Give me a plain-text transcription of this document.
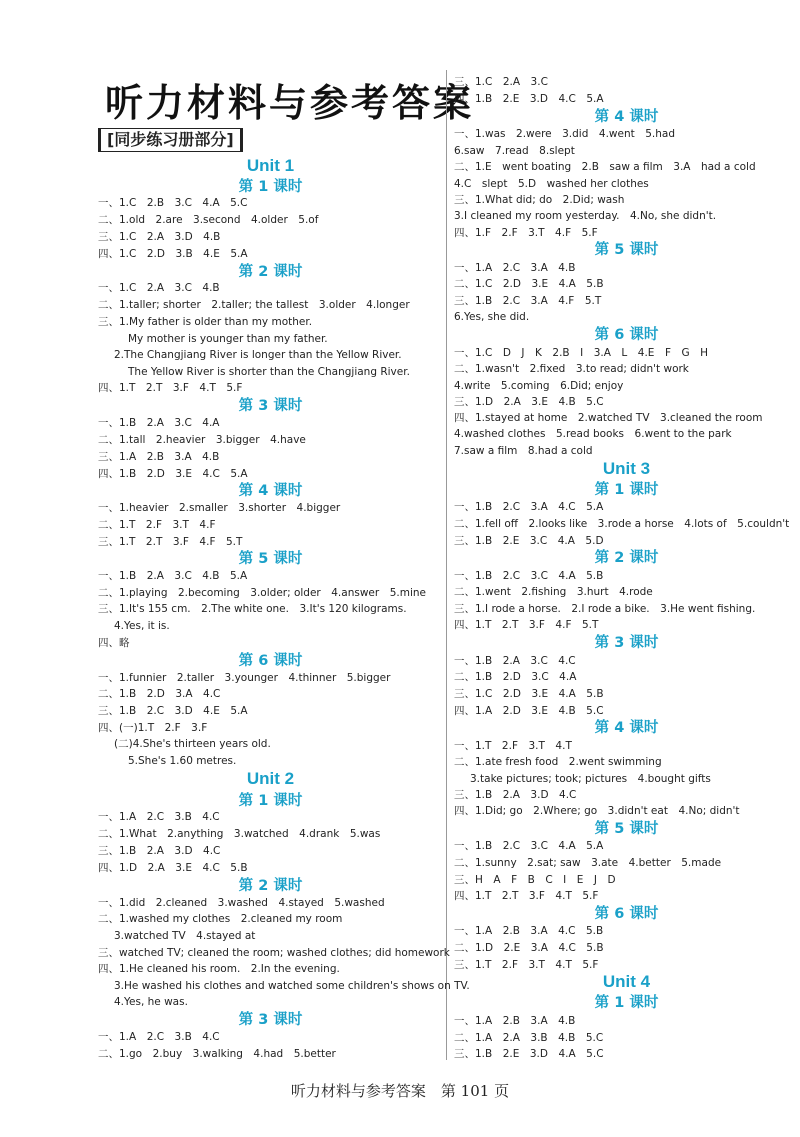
听力材料与参考答案
[同步练习册部分]
Unit 1
第 1 课时
一、1.C　2.B　3.C　4.A　5.C
二、1.old　2.are　3.second　4.older　5.of
三、1.C　2.A　3.D　4.B
四、1.C　2.D　3.B　4.E　5.A
第 2 课时
一、1.C　2.A　3.C　4.B
二、1.taller; shorter　2.taller; the tallest　3.older　4.longer
三、1.My father is older than my mother.
My mother is younger than my father.
2.The Changjiang River is longer than the Yellow River.
The Yellow River is shorter than the Changjiang River.
四、1.T　2.T　3.F　4.T　5.F
第 3 课时
一、1.B　2.A　3.C　4.A
二、1.tall　2.heavier　3.bigger　4.have
三、1.A　2.B　3.A　4.B
四、1.B　2.D　3.E　4.C　5.A
第 4 课时
一、1.heavier　2.smaller　3.shorter　4.bigger
二、1.T　2.F　3.T　4.F
三、1.T　2.T　3.F　4.F　5.T
第 5 课时
一、1.B　2.A　3.C　4.B　5.A
二、1.playing　2.becoming　3.older; older　4.answer　5.mine
三、1.It's 155 cm.　2.The white one.　3.It's 120 kilograms.
4.Yes, it is.
四、略
第 6 课时
一、1.funnier　2.taller　3.younger　4.thinner　5.bigger
二、1.B　2.D　3.A　4.C
三、1.B　2.C　3.D　4.E　5.A
四、(一)1.T　2.F　3.F
(二)4.She's thirteen years old.
5.She's 1.60 metres.
Unit 2
第 1 课时
一、1.A　2.C　3.B　4.C
二、1.What　2.anything　3.watched　4.drank　5.was
三、1.B　2.A　3.D　4.C
四、1.D　2.A　3.E　4.C　5.B
第 2 课时
一、1.did　2.cleaned　3.washed　4.stayed　5.washed
二、1.washed my clothes　2.cleaned my room
3.watched TV　4.stayed at
三、watched TV; cleaned the room; washed clothes; did homework
四、1.He cleaned his room.　2.In the evening.
3.He washed his clothes and watched some children's shows on TV.
4.Yes, he was.
第 3 课时
一、1.A　2.C　3.B　4.C
二、1.go　2.buy　3.walking　4.had　5.better
三、1.C　2.A　3.C
四、1.B　2.E　3.D　4.C　5.A
第 4 课时
一、1.was　2.were　3.did　4.went　5.had
6.saw　7.read　8.slept
二、1.E　went boating　2.B　saw a film　3.A　had a cold
4.C　slept　5.D　washed her clothes
三、1.What did; do　2.Did; wash
3.I cleaned my room yesterday.　4.No, she didn't.
四、1.F　2.F　3.T　4.F　5.F
第 5 课时
一、1.A　2.C　3.A　4.B
二、1.C　2.D　3.E　4.A　5.B
三、1.B　2.C　3.A　4.F　5.T
6.Yes, she did.
第 6 课时
一、1.C　D　J　K　2.B　I　3.A　L　4.E　F　G　H
二、1.wasn't　2.fixed　3.to read; didn't work
4.write　5.coming　6.Did; enjoy
三、1.D　2.A　3.E　4.B　5.C
四、1.stayed at home　2.watched TV　3.cleaned the room
4.washed clothes　5.read books　6.went to the park
7.saw a film　8.had a cold
Unit 3
第 1 课时
一、1.B　2.C　3.A　4.C　5.A
二、1.fell off　2.looks like　3.rode a horse　4.lots of　5.couldn't
三、1.B　2.E　3.C　4.A　5.D
第 2 课时
一、1.B　2.C　3.C　4.A　5.B
二、1.went　2.fishing　3.hurt　4.rode
三、1.I rode a horse.　2.I rode a bike.　3.He went fishing.
四、1.T　2.T　3.F　4.F　5.T
第 3 课时
一、1.B　2.A　3.C　4.C
二、1.B　2.D　3.C　4.A
三、1.C　2.D　3.E　4.A　5.B
四、1.A　2.D　3.E　4.B　5.C
第 4 课时
一、1.T　2.F　3.T　4.T
二、1.ate fresh food　2.went swimming
3.take pictures; took; pictures　4.bought gifts
三、1.B　2.A　3.D　4.C
四、1.Did; go　2.Where; go　3.didn't eat　4.No; didn't
第 5 课时
一、1.B　2.C　3.C　4.A　5.A
二、1.sunny　2.sat; saw　3.ate　4.better　5.made
三、H　A　F　B　C　I　E　J　D
四、1.T　2.T　3.F　4.T　5.F
第 6 课时
一、1.A　2.B　3.A　4.C　5.B
二、1.D　2.E　3.A　4.C　5.B
三、1.T　2.F　3.T　4.T　5.F
Unit 4
第 1 课时
一、1.A　2.B　3.A　4.B
二、1.A　2.A　3.B　4.B　5.C
三、1.B　2.E　3.D　4.A　5.C
听力材料与参考答案　第 101 页
